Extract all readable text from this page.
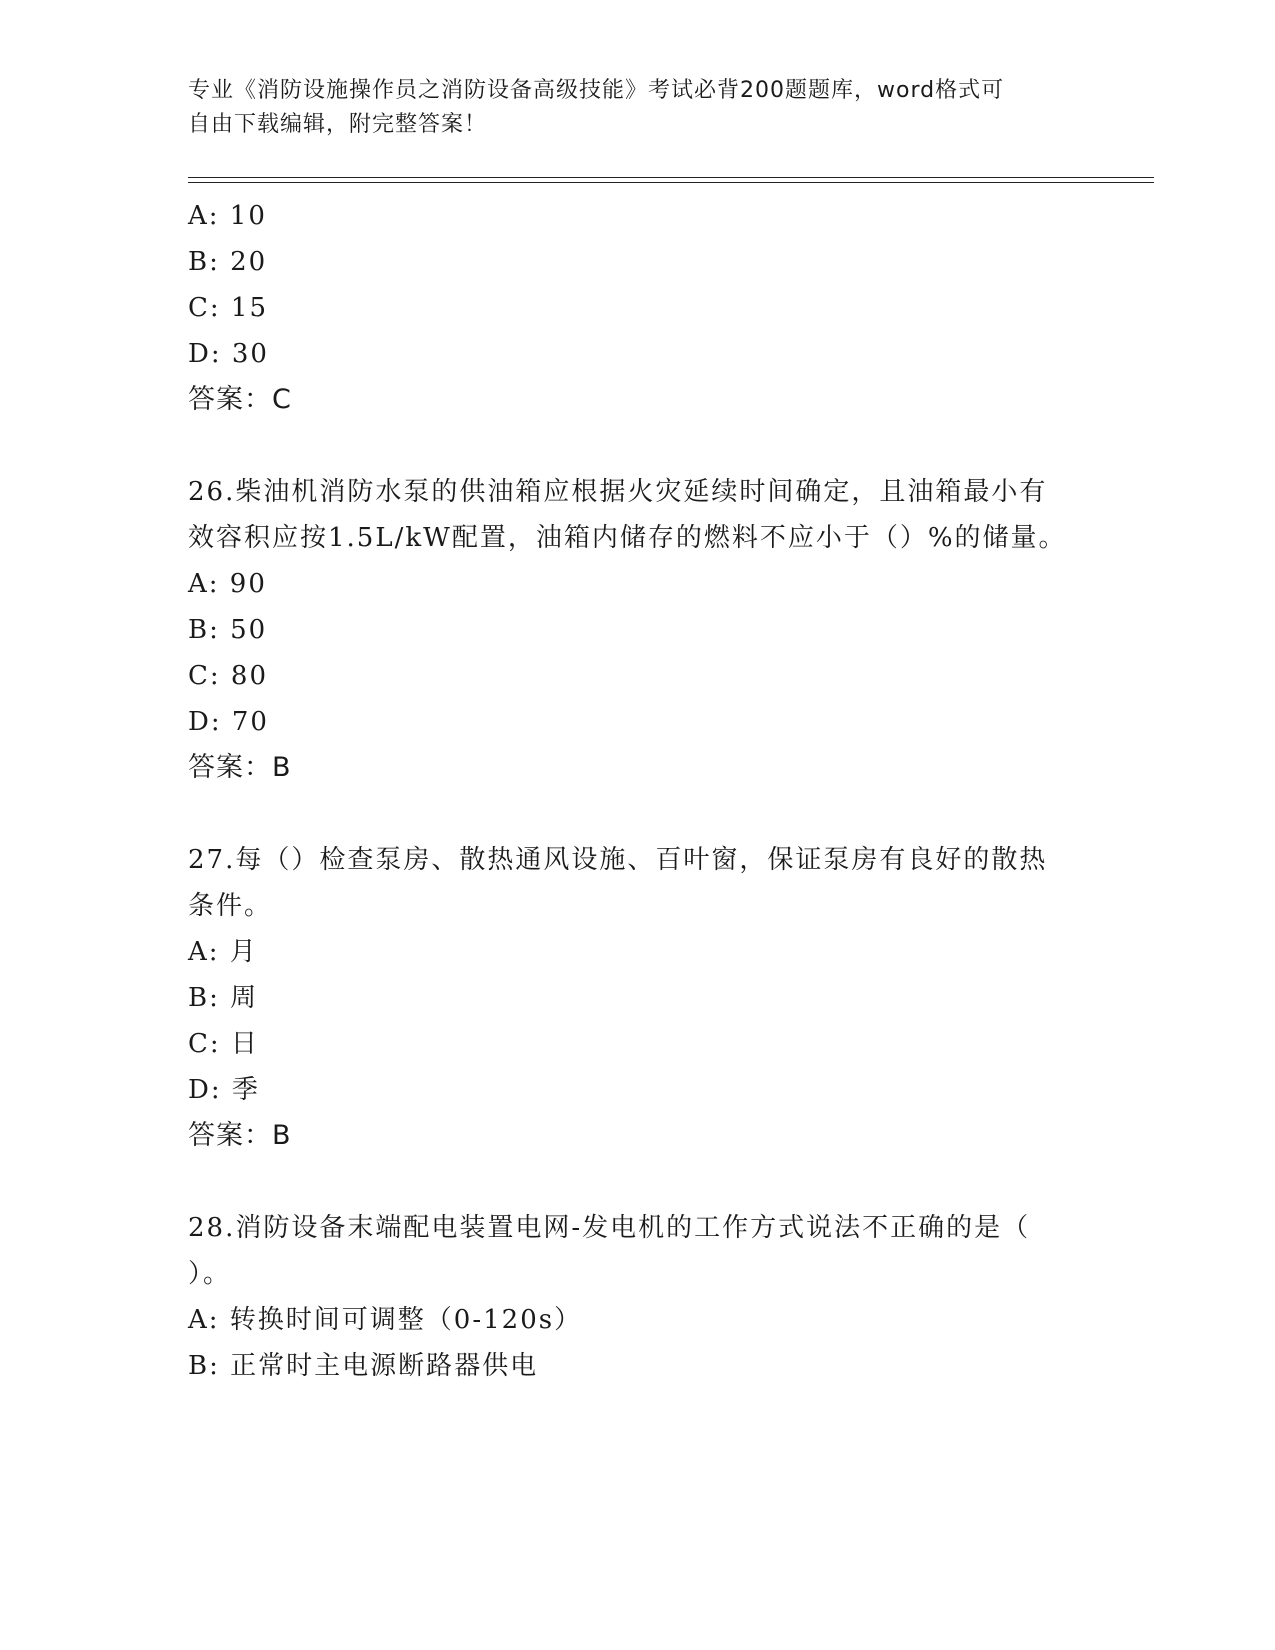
专业《消防设施操作员之消防设备高级技能》考试必背200题题库，word格式可
自由下载编辑，附完整答案！
A: 10
B: 20
C: 15
D: 30
答案：C
26.柴油机消防水泵的供油箱应根据火灾延续时间确定，且油箱最小有
效容积应按1.5L/kW配置，油箱内储存的燃料不应小于（）%的储量。
A: 90
B: 50
C: 80
D: 70
答案：B
27.每（）检查泵房、散热通风设施、百叶窗，保证泵房有良好的散热
条件。
A: 月
B: 周
C: 日
D: 季
答案：B
28.消防设备末端配电装置电网-发电机的工作方式说法不正确的是（
）。
A: 转换时间可调整（0-120s）
B: 正常时主电源断路器供电
